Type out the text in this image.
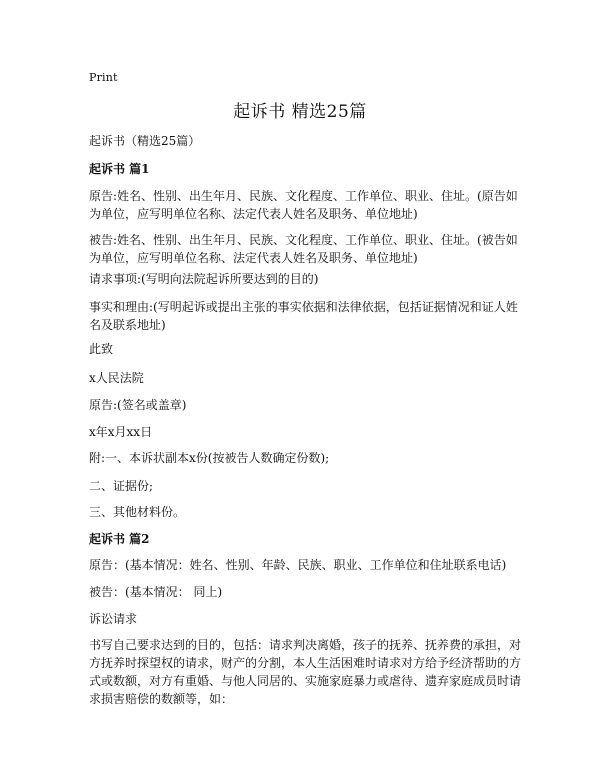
Print
起诉书 精选25篇
起诉书（精选25篇）
起诉书 篇1
原告:姓名、性别、出生年月、民族、文化程度、工作单位、职业、住址。(原告如为单位，应写明单位名称、法定代表人姓名及职务、单位地址)
被告:姓名、性别、出生年月、民族、文化程度、工作单位、职业、住址。(被告如为单位，应写明单位名称、法定代表人姓名及职务、单位地址)
请求事项:(写明向法院起诉所要达到的目的)
事实和理由:(写明起诉或提出主张的事实依据和法律依据，包括证据情况和证人姓名及联系地址)
此致
x人民法院
原告:(签名或盖章)
x年x月xx日
附:一、本诉状副本x份(按被告人数确定份数);
二、证据份;
三、其他材料份。
起诉书 篇2
原告：(基本情况：姓名、性别、年龄、民族、职业、工作单位和住址联系电话)
被告：(基本情况： 同上)
诉讼请求
书写自己要求达到的目的，包括：请求判决离婚，孩子的抚养、抚养费的承担，对方抚养时探望权的请求，财产的分割，本人生活困难时请求对方给予经济帮助的方式或数额，对方有重婚、与他人同居的、实施家庭暴力或虐待、遗弃家庭成员时请求损害赔偿的数额等，如：
